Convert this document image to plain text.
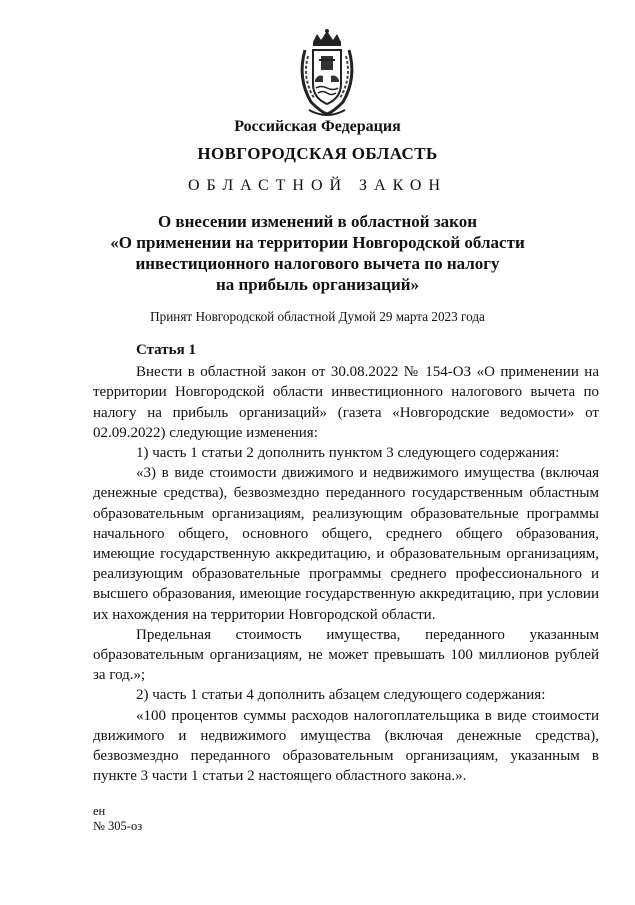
Российская Федерация
НОВГОРОДСКАЯ ОБЛАСТЬ
ОБЛАСТНОЙ ЗАКОН
О внесении изменений в областной закон
«О применении на территории Новгородской области
инвестиционного налогового вычета по налогу
на прибыль организаций»
Принят Новгородской областной Думой 29 марта 2023 года
Статья 1

Внести в областной закон от 30.08.2022 № 154-ОЗ «О применении на территории Новгородской области инвестиционного налогового вычета по налогу на прибыль организаций» (газета «Новгородские ведомости» от 02.09.2022) следующие изменения:

1) часть 1 статьи 2 дополнить пунктом 3 следующего содержания:

«3) в виде стоимости движимого и недвижимого имущества (включая денежные средства), безвозмездно переданного государственным областным образовательным организациям, реализующим образовательные программы начального общего, основного общего, среднего общего образования, имеющие государственную аккредитацию, и образовательным организациям, реализующим образовательные программы среднего профессионального и высшего образования, имеющие государственную аккредитацию, при условии их нахождения на территории Новгородской области.

Предельная стоимость имущества, переданного указанным образовательным организациям, не может превышать 100 миллионов рублей за год.»;

2) часть 1 статьи 4 дополнить абзацем следующего содержания:

«100 процентов суммы расходов налогоплательщика в виде стоимости движимого и недвижимого имущества (включая денежные средства), безвозмездно переданного образовательным организациям, указанным в пункте 3 части 1 статьи 2 настоящего областного закона.».

ен
№ 305-оз
